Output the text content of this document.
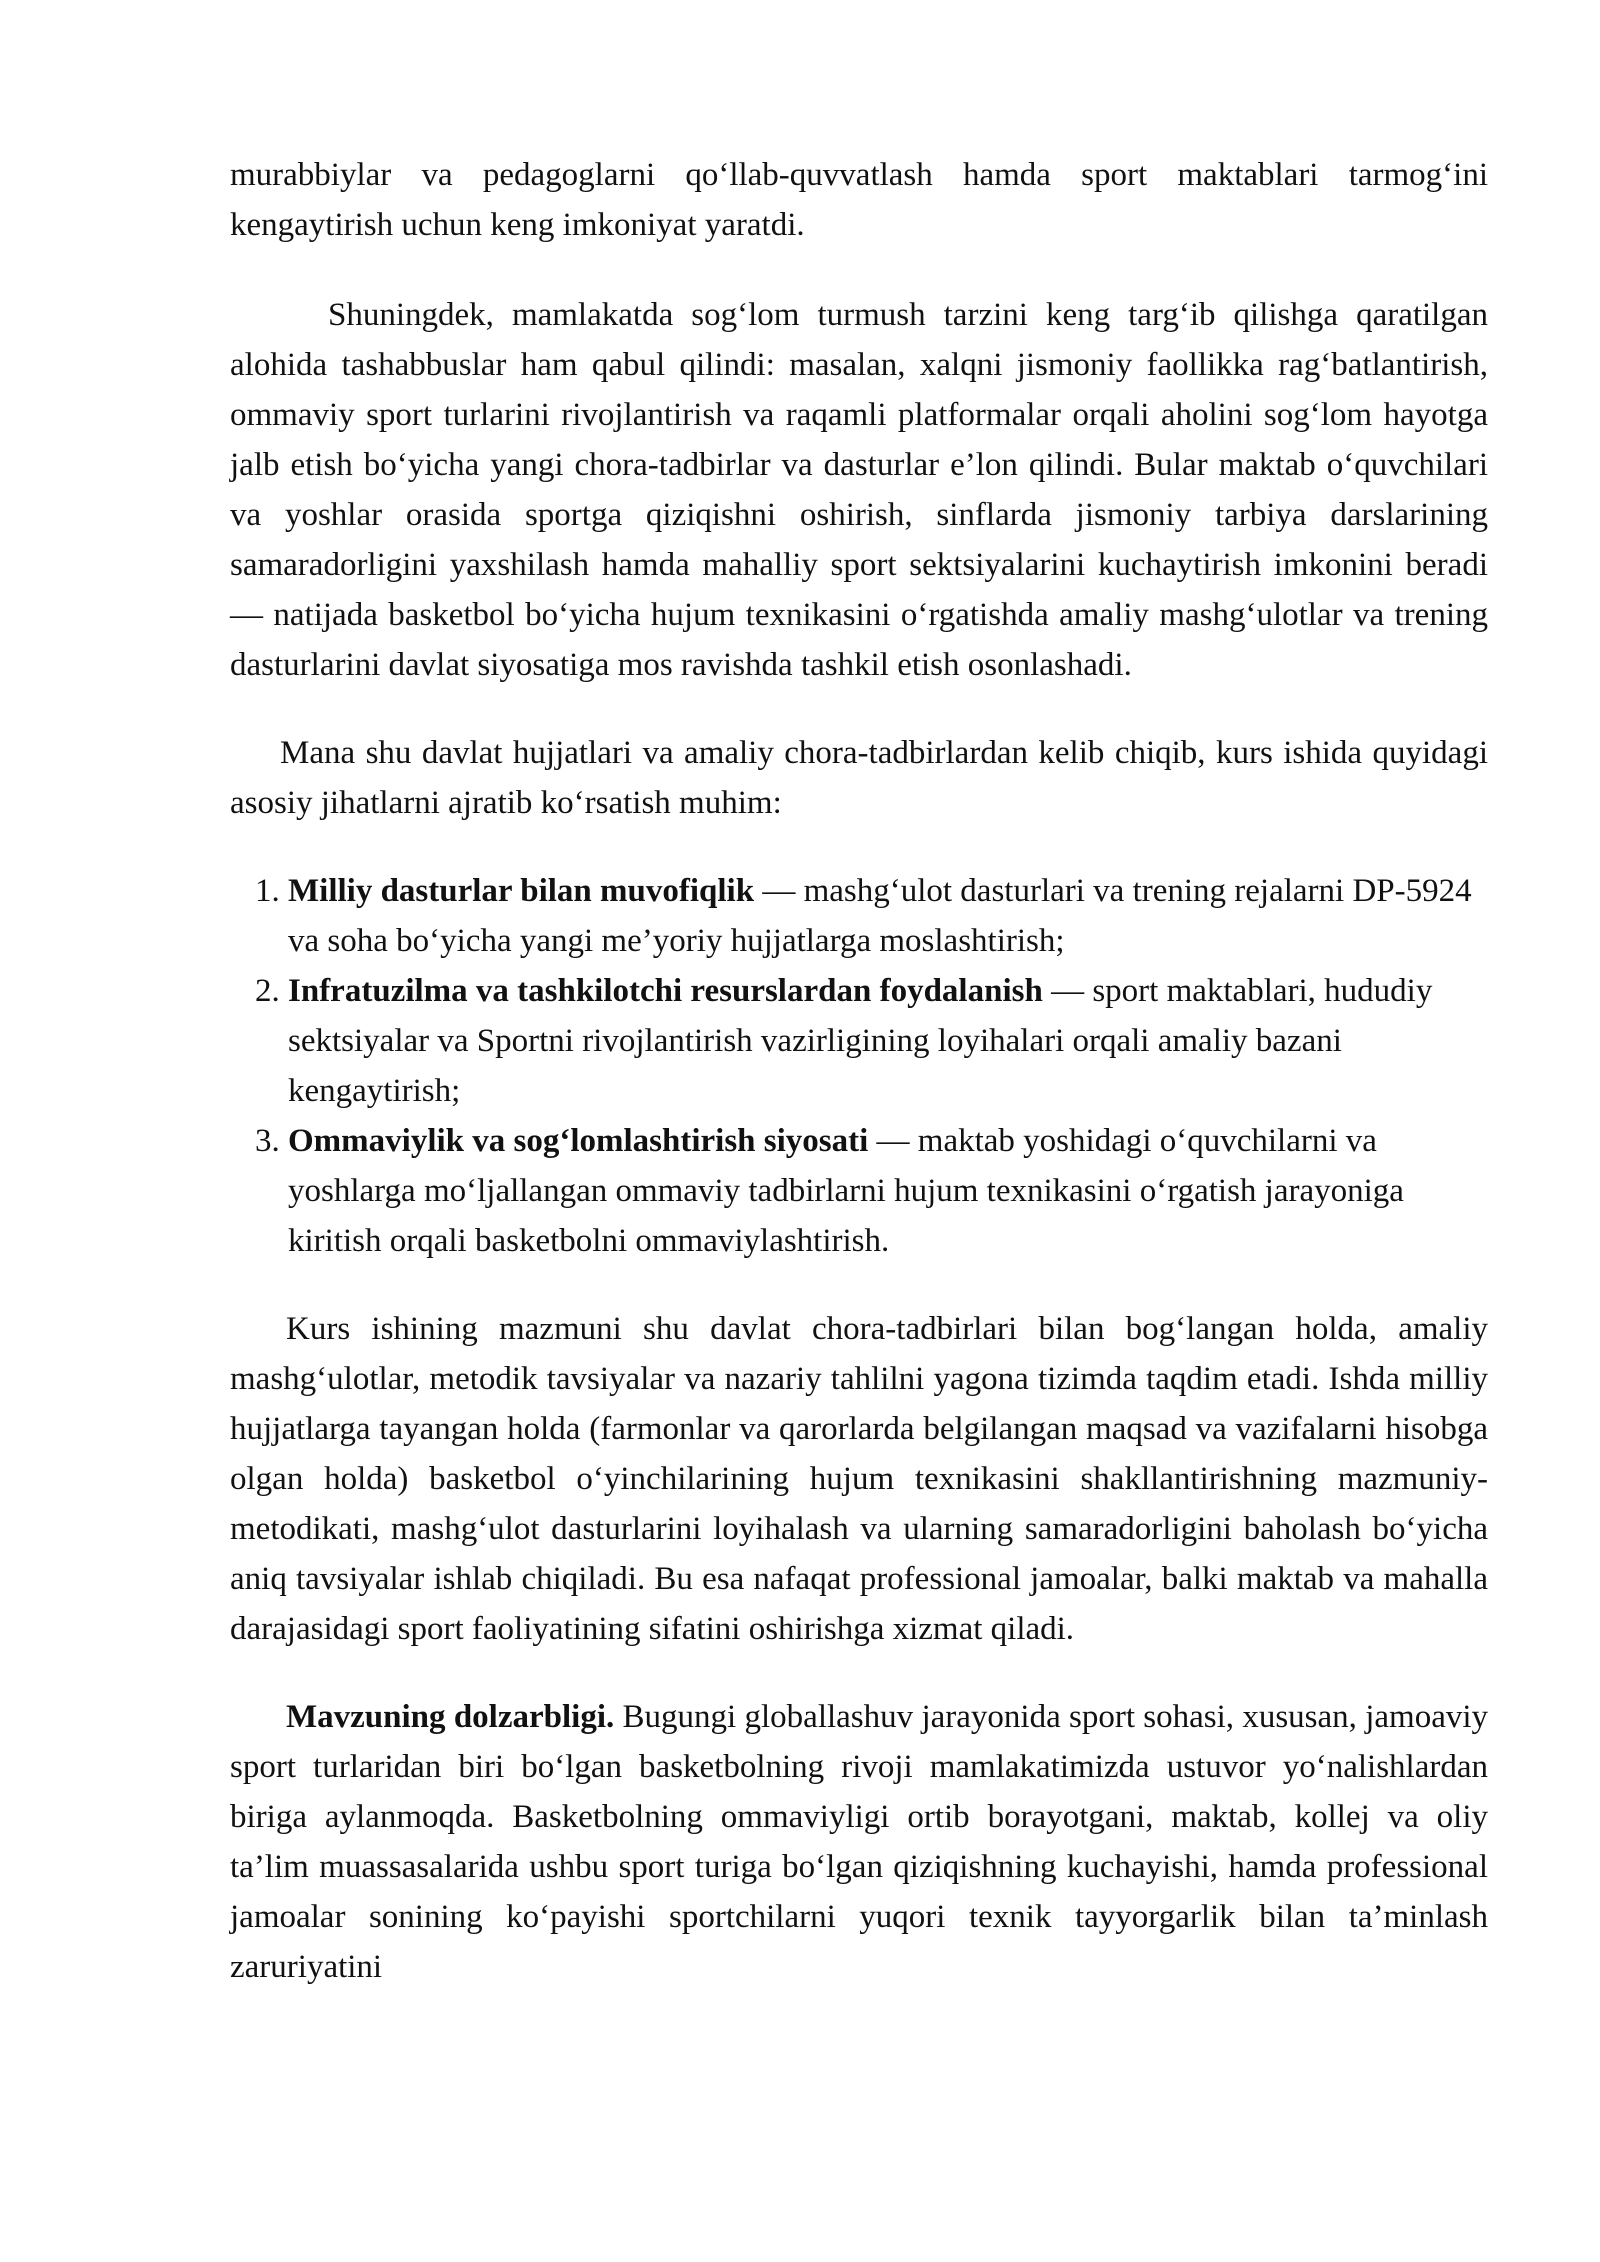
murabbiylar va pedagoglarni qo‘llab-quvvatlash hamda sport maktablari tarmog‘ini kengaytirish uchun keng imkoniyat yaratdi.

Shuningdek, mamlakatda sog‘lom turmush tarzini keng targ‘ib qilishga qaratilgan alohida tashabbuslar ham qabul qilindi: masalan, xalqni jismoniy faollikka rag‘batlantirish, ommaviy sport turlarini rivojlantirish va raqamli platformalar orqali aholini sog‘lom hayotga jalb etish bo‘yicha yangi chora-tadbirlar va dasturlar e’lon qilindi. Bular maktab o‘quvchilari va yoshlar orasida sportga qiziqishni oshirish, sinflarda jismoniy tarbiya darslarining samaradorligini yaxshilash hamda mahalliy sport sektsiyalarini kuchaytirish imkonini beradi — natijada basketbol bo‘yicha hujum texnikasini o‘rgatishda amaliy mashg‘ulotlar va trening dasturlarini davlat siyosatiga mos ravishda tashkil etish osonlashadi.

Mana shu davlat hujjatlari va amaliy chora-tadbirlardan kelib chiqib, kurs ishida quyidagi asosiy jihatlarni ajratib ko‘rsatish muhim:

1. Milliy dasturlar bilan muvofiqlik — mashg‘ulot dasturlari va trening rejalarni DP-5924 va soha bo‘yicha yangi me’yoriy hujjatlarga moslashtirish;
2. Infratuzilma va tashkilotchi resurslardan foydalanish — sport maktablari, hududiy sektsiyalar va Sportni rivojlantirish vazirligining loyihalari orqali amaliy bazani kengaytirish;
3. Ommaviylik va sog‘lomlashtirish siyosati — maktab yoshidagi o‘quvchilarni va yoshlarga mo‘ljallangan ommaviy tadbirlarni hujum texnikasini o‘rgatish jarayoniga kiritish orqali basketbolni ommaviylashtirish.

Kurs ishining mazmuni shu davlat chora-tadbirlari bilan bog‘langan holda, amaliy mashg‘ulotlar, metodik tavsiyalar va nazariy tahlilni yagona tizimda taqdim etadi. Ishda milliy hujjatlarga tayangan holda (farmonlar va qarorlarda belgilangan maqsad va vazifalarni hisobga olgan holda) basketbol o‘yinchilarining hujum texnikasini shakllantirishning mazmuniy-metodikati, mashg‘ulot dasturlarini loyihalash va ularning samaradorligini baholash bo‘yicha aniq tavsiyalar ishlab chiqiladi. Bu esa nafaqat professional jamoalar, balki maktab va mahalla darajasidagi sport faoliyatining sifatini oshirishga xizmat qiladi.

Mavzuning dolzarbligi. Bugungi globallashuv jarayonida sport sohasi, xususan, jamoaviy sport turlaridan biri bo‘lgan basketbolning rivoji mamlakatimizda ustuvor yo‘nalishlardan biriga aylanmoqda. Basketbolning ommaviyligi ortib borayotgani, maktab, kollej va oliy ta’lim muassasalarida ushbu sport turiga bo‘lgan qiziqishning kuchayishi, hamda professional jamoalar sonining ko‘payishi sportchilarni yuqori texnik tayyorgarlik bilan ta’minlash zaruriyatini
